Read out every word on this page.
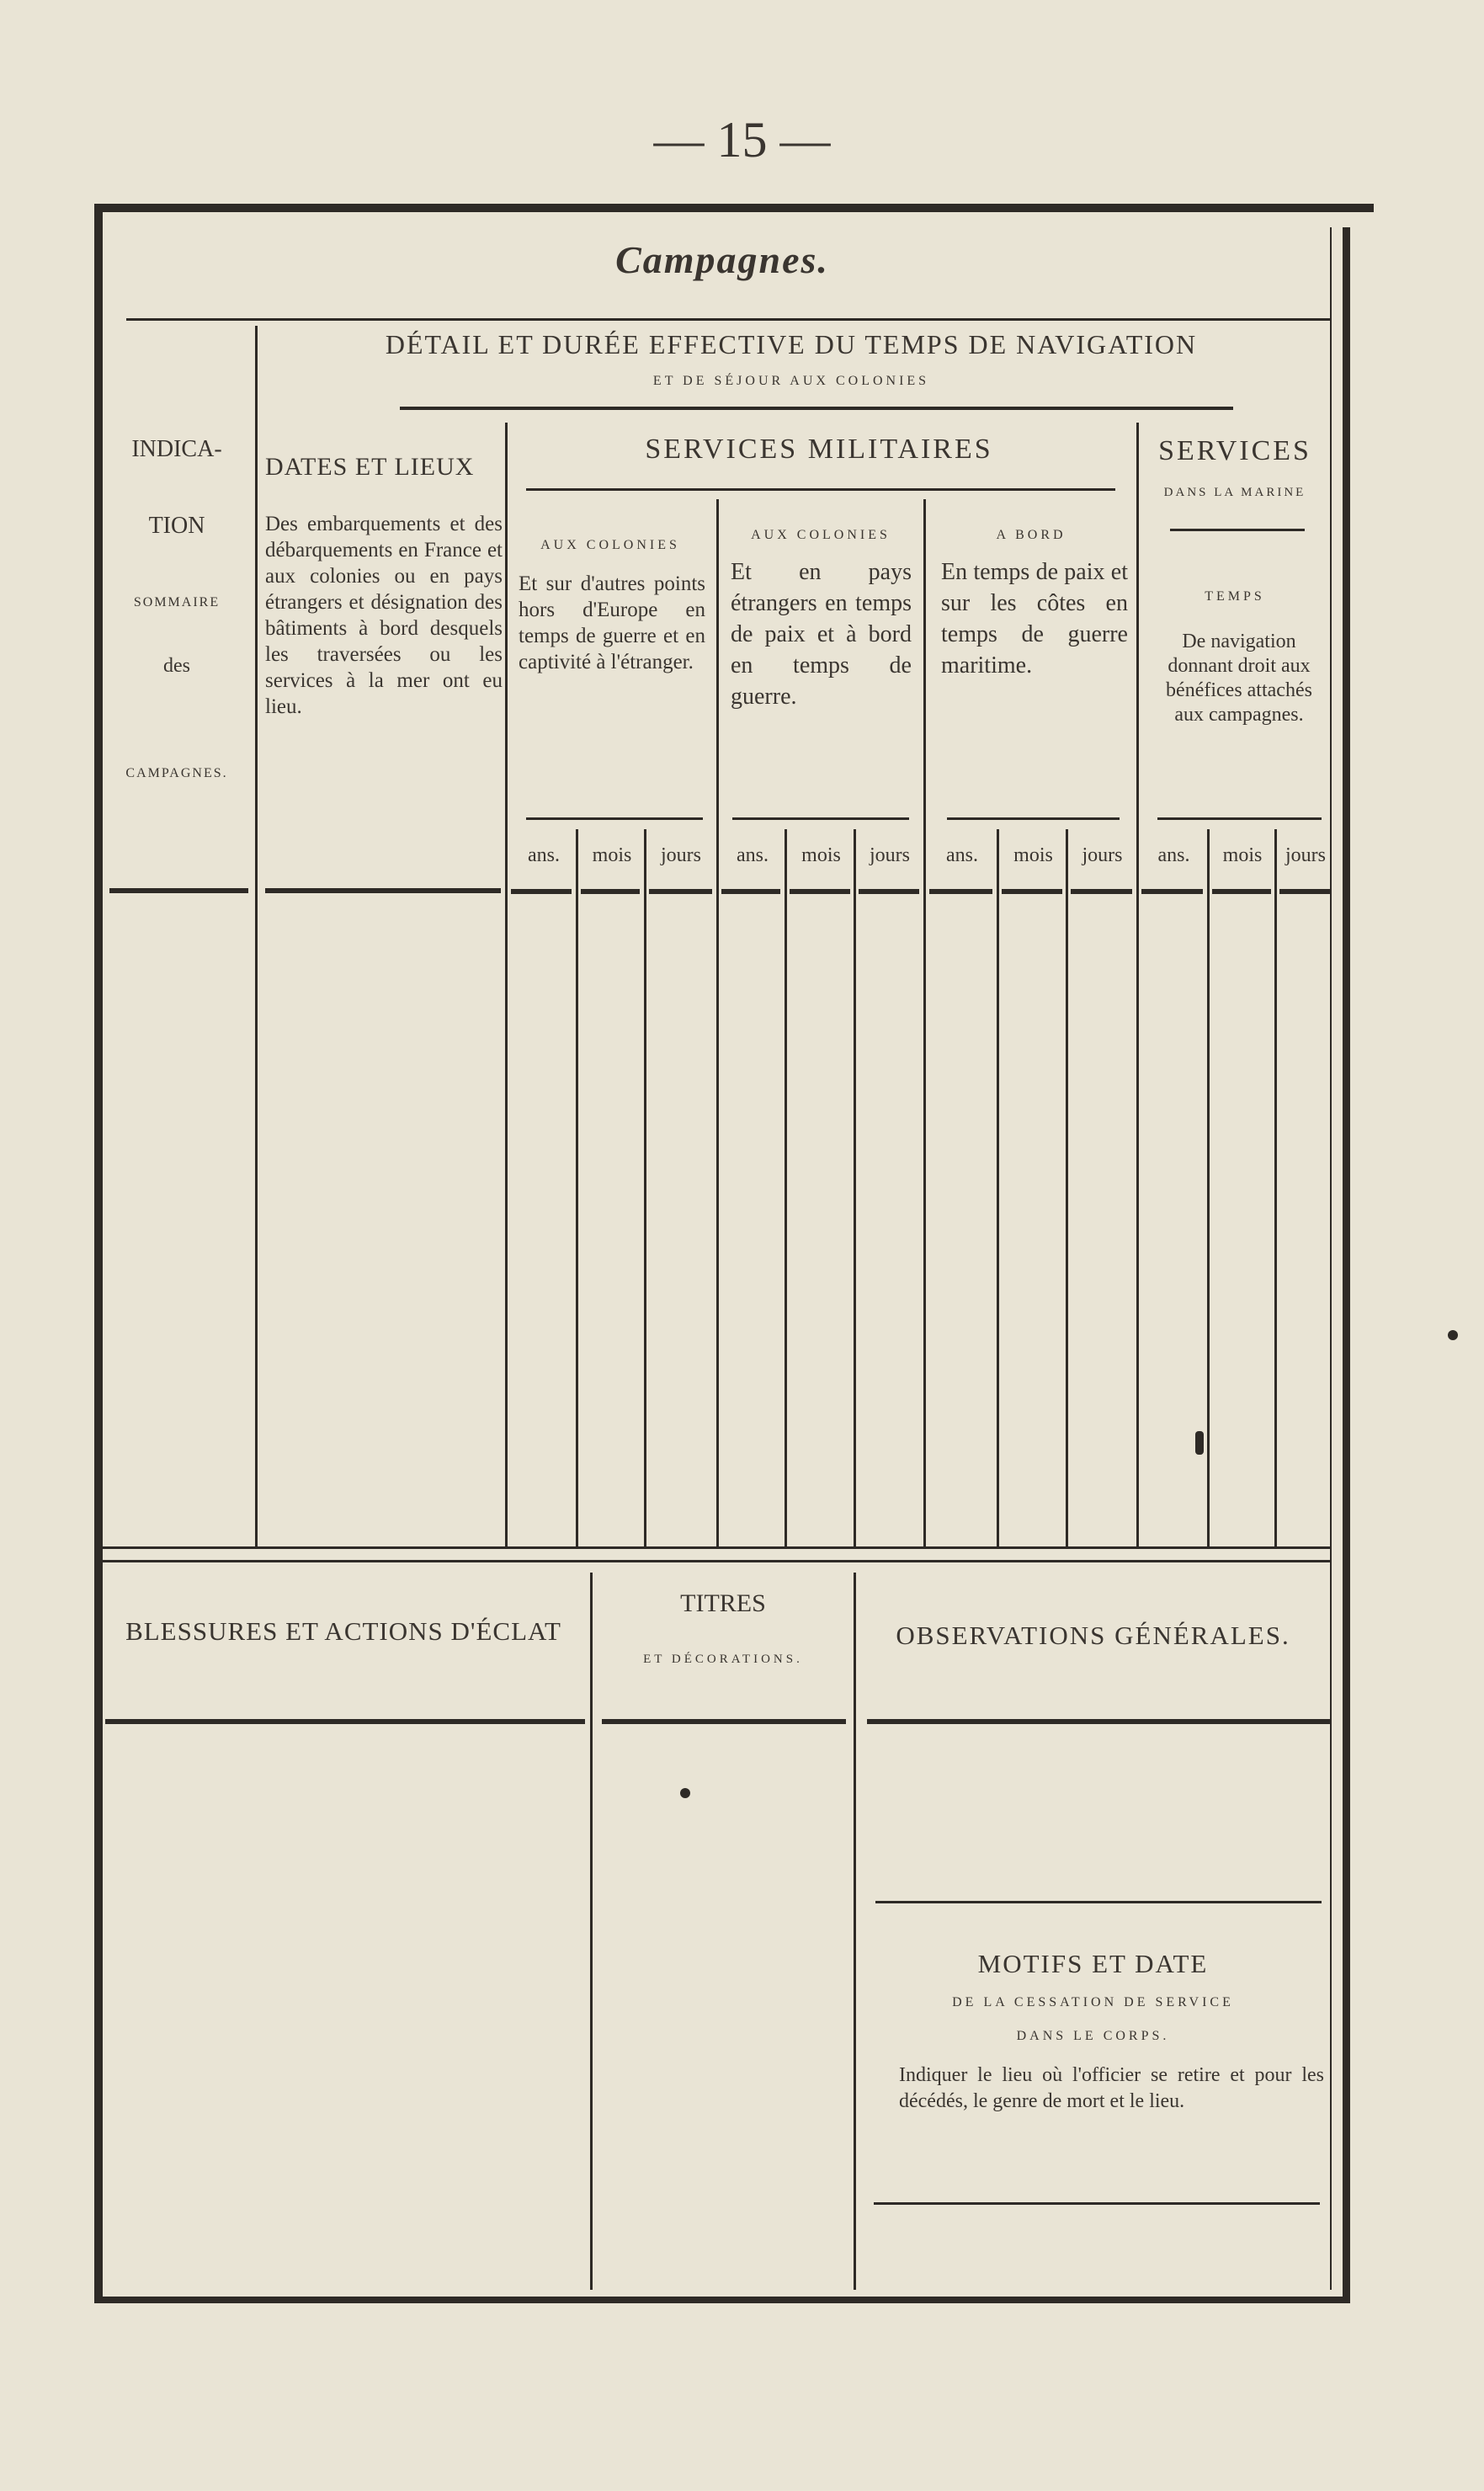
— 15 —
Campagnes.
DÉTAIL ET DURÉE EFFECTIVE DU TEMPS DE NAVIGATION
ET DE SÉJOUR AUX COLONIES
INDICA-
TION
SOMMAIRE
des
CAMPAGNES.
DATES ET LIEUX
Des embarquements et des débarquements en France et aux colonies ou en pays étrangers et désignation des bâtiments à bord desquels les traversées ou les services à la mer ont eu lieu.
SERVICES MILITAIRES
AUX COLONIES
Et sur d'autres points hors d'Europe en temps de guerre et en captivité à l'étranger.
AUX COLONIES
Et en pays étrangers en temps de paix et à bord en temps de guerre.
A BORD
En temps de paix et sur les côtes en temps de guerre maritime.
SERVICES
DANS LA MARINE
TEMPS
De navigation donnant droit aux bénéfices attachés aux campagnes.
ans.	mois	jours	ans.	mois	jours	ans.	mois	jours	ans.	mois	jours
BLESSURES ET ACTIONS D'ÉCLAT
TITRES
ET DÉCORATIONS.
OBSERVATIONS GÉNÉRALES.
MOTIFS ET DATE
DE LA CESSATION DE SERVICE
DANS LE CORPS.
Indiquer le lieu où l'officier se retire et pour les décédés, le genre de mort et le lieu.
